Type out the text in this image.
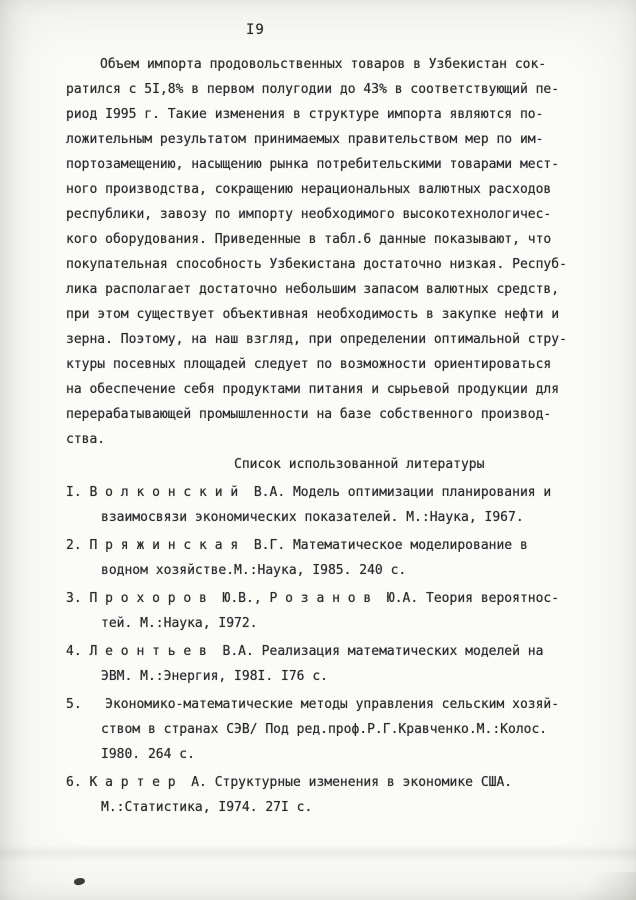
I9
Объем импорта продовольственных товаров в Узбекистан сок-
ратился с 5I,8% в первом полугодии до 43% в соответствующий пе-
риод I995 г. Такие изменения в структуре импорта являются по-
ложительным результатом принимаемых правительством мер по им-
портозамещению, насыщению рынка потребительскими товарами мест-
ного производства, сокращению нерациональных валютных расходов
республики, завозу по импорту необходимого высокотехнологичес-
кого оборудования. Приведенные в табл.6 данные показывают, что
покупательная способность Узбекистана достаточно низкая. Респуб-
лика располагает достаточно небольшим запасом валютных средств,
при этом существует объективная необходимость в закупке нефти и
зерна. Поэтому, на наш взгляд, при определении оптимальной стру-
ктуры посевных площадей следует по возможности ориентироваться
на обеспечение себя продуктами питания и сырьевой продукции для
перерабатывающей промышленности на базе собственного производ-
ства.
Список использованной литературы
I. В о л к о н с к и й  В.А. Модель оптимизации планирования и
взаимосвязи экономических показателей. М.:Наука, I967.
2. П р я ж и н с к а я  В.Г. Математическое моделирование в
водном хозяйстве.М.:Наука, I985. 240 с.
3. П р о х о р о в  Ю.В., Р о з а н о в  Ю.А. Теория вероятнос-
тей. М.:Наука, I972.
4. Л е о н т ь е в  В.А. Реализация математических моделей на
ЭВМ. М.:Энергия, I98I. I76 с.
5.   Экономико-математические методы управления сельским хозяй-
ством в странах СЭВ/ Под ред.проф.Р.Г.Кравченко.М.:Колос.
I980. 264 с.
6. К а р т е р  А. Структурные изменения в экономике США.
М.:Статистика, I974. 27I с.
